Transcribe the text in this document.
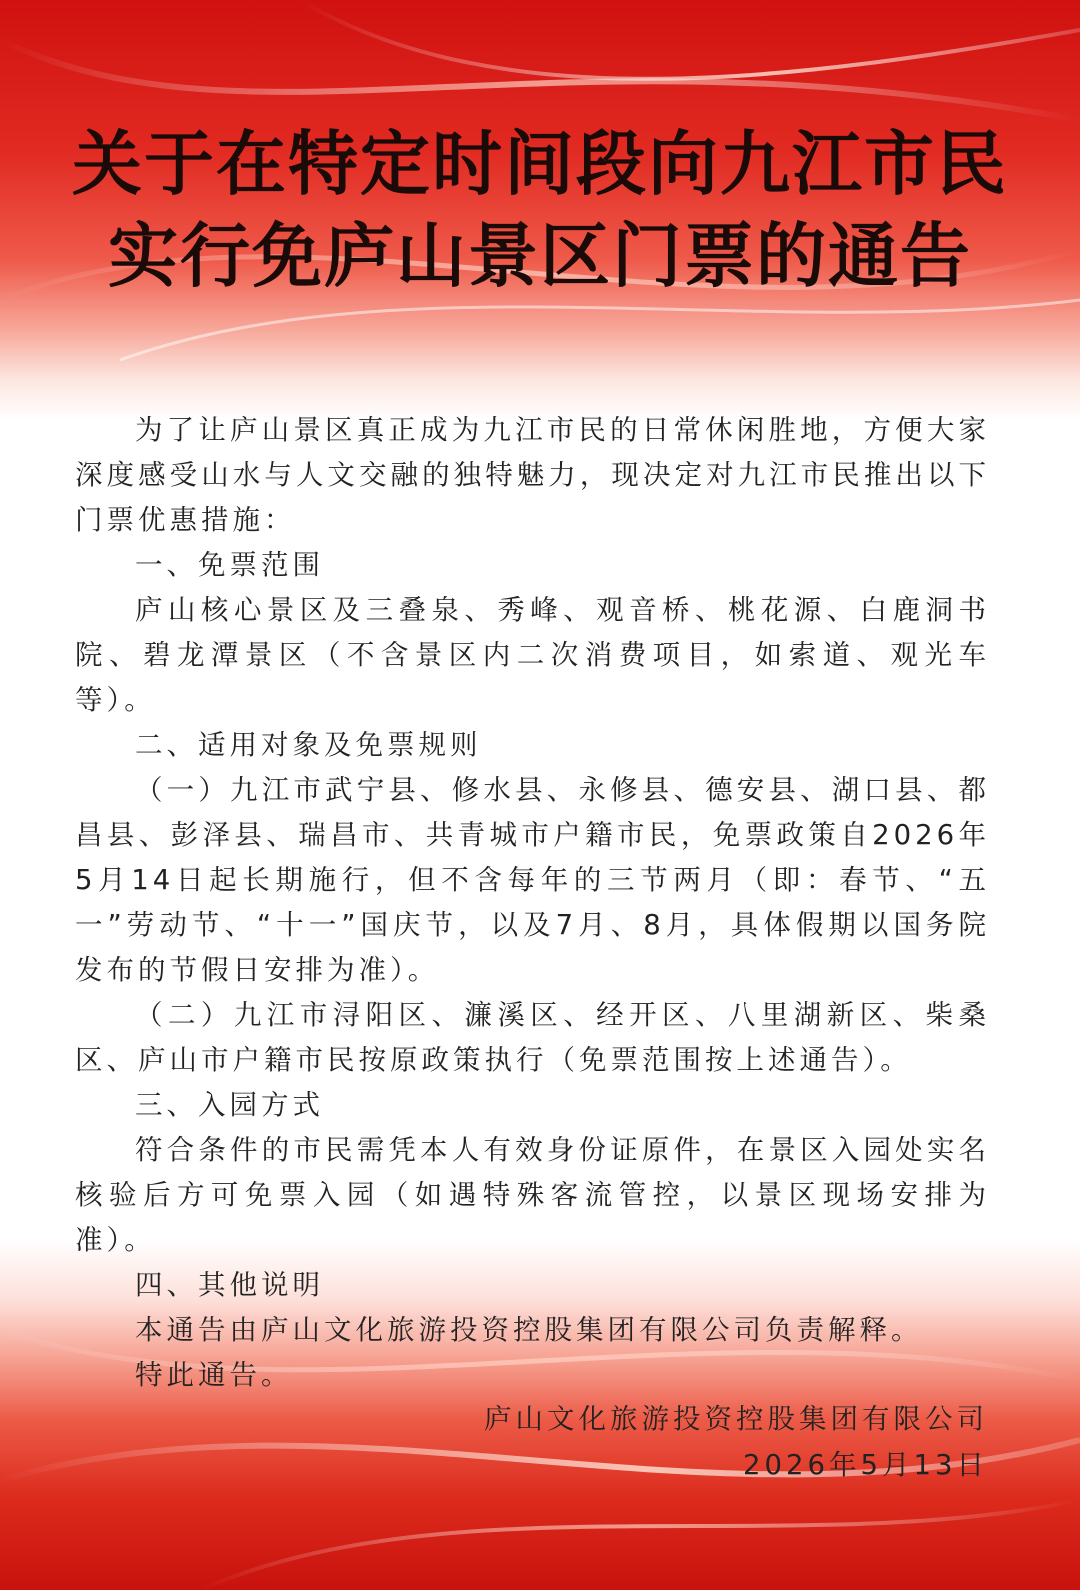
关于在特定时间段向九江市民
实行免庐山景区门票的通告

为了让庐山景区真正成为九江市民的日常休闲胜地，方便大家深度感受山水与人文交融的独特魅力，现决定对九江市民推出以下门票优惠措施：

一、免票范围

庐山核心景区及三叠泉、秀峰、观音桥、桃花源、白鹿洞书院、碧龙潭景区（不含景区内二次消费项目，如索道、观光车等）。

二、适用对象及免票规则

（一）九江市武宁县、修水县、永修县、德安县、湖口县、都昌县、彭泽县、瑞昌市、共青城市户籍市民，免票政策自2026年5月14日起长期施行，但不含每年的三节两月（即：春节、“五一”劳动节、“十一”国庆节，以及7月、8月，具体假期以国务院发布的节假日安排为准）。

（二）九江市浔阳区、濂溪区、经开区、八里湖新区、柴桑区、庐山市户籍市民按原政策执行（免票范围按上述通告）。

三、入园方式

符合条件的市民需凭本人有效身份证原件，在景区入园处实名核验后方可免票入园（如遇特殊客流管控，以景区现场安排为准）。

四、其他说明

本通告由庐山文化旅游投资控股集团有限公司负责解释。

特此通告。

庐山文化旅游投资控股集团有限公司
2026年5月13日
